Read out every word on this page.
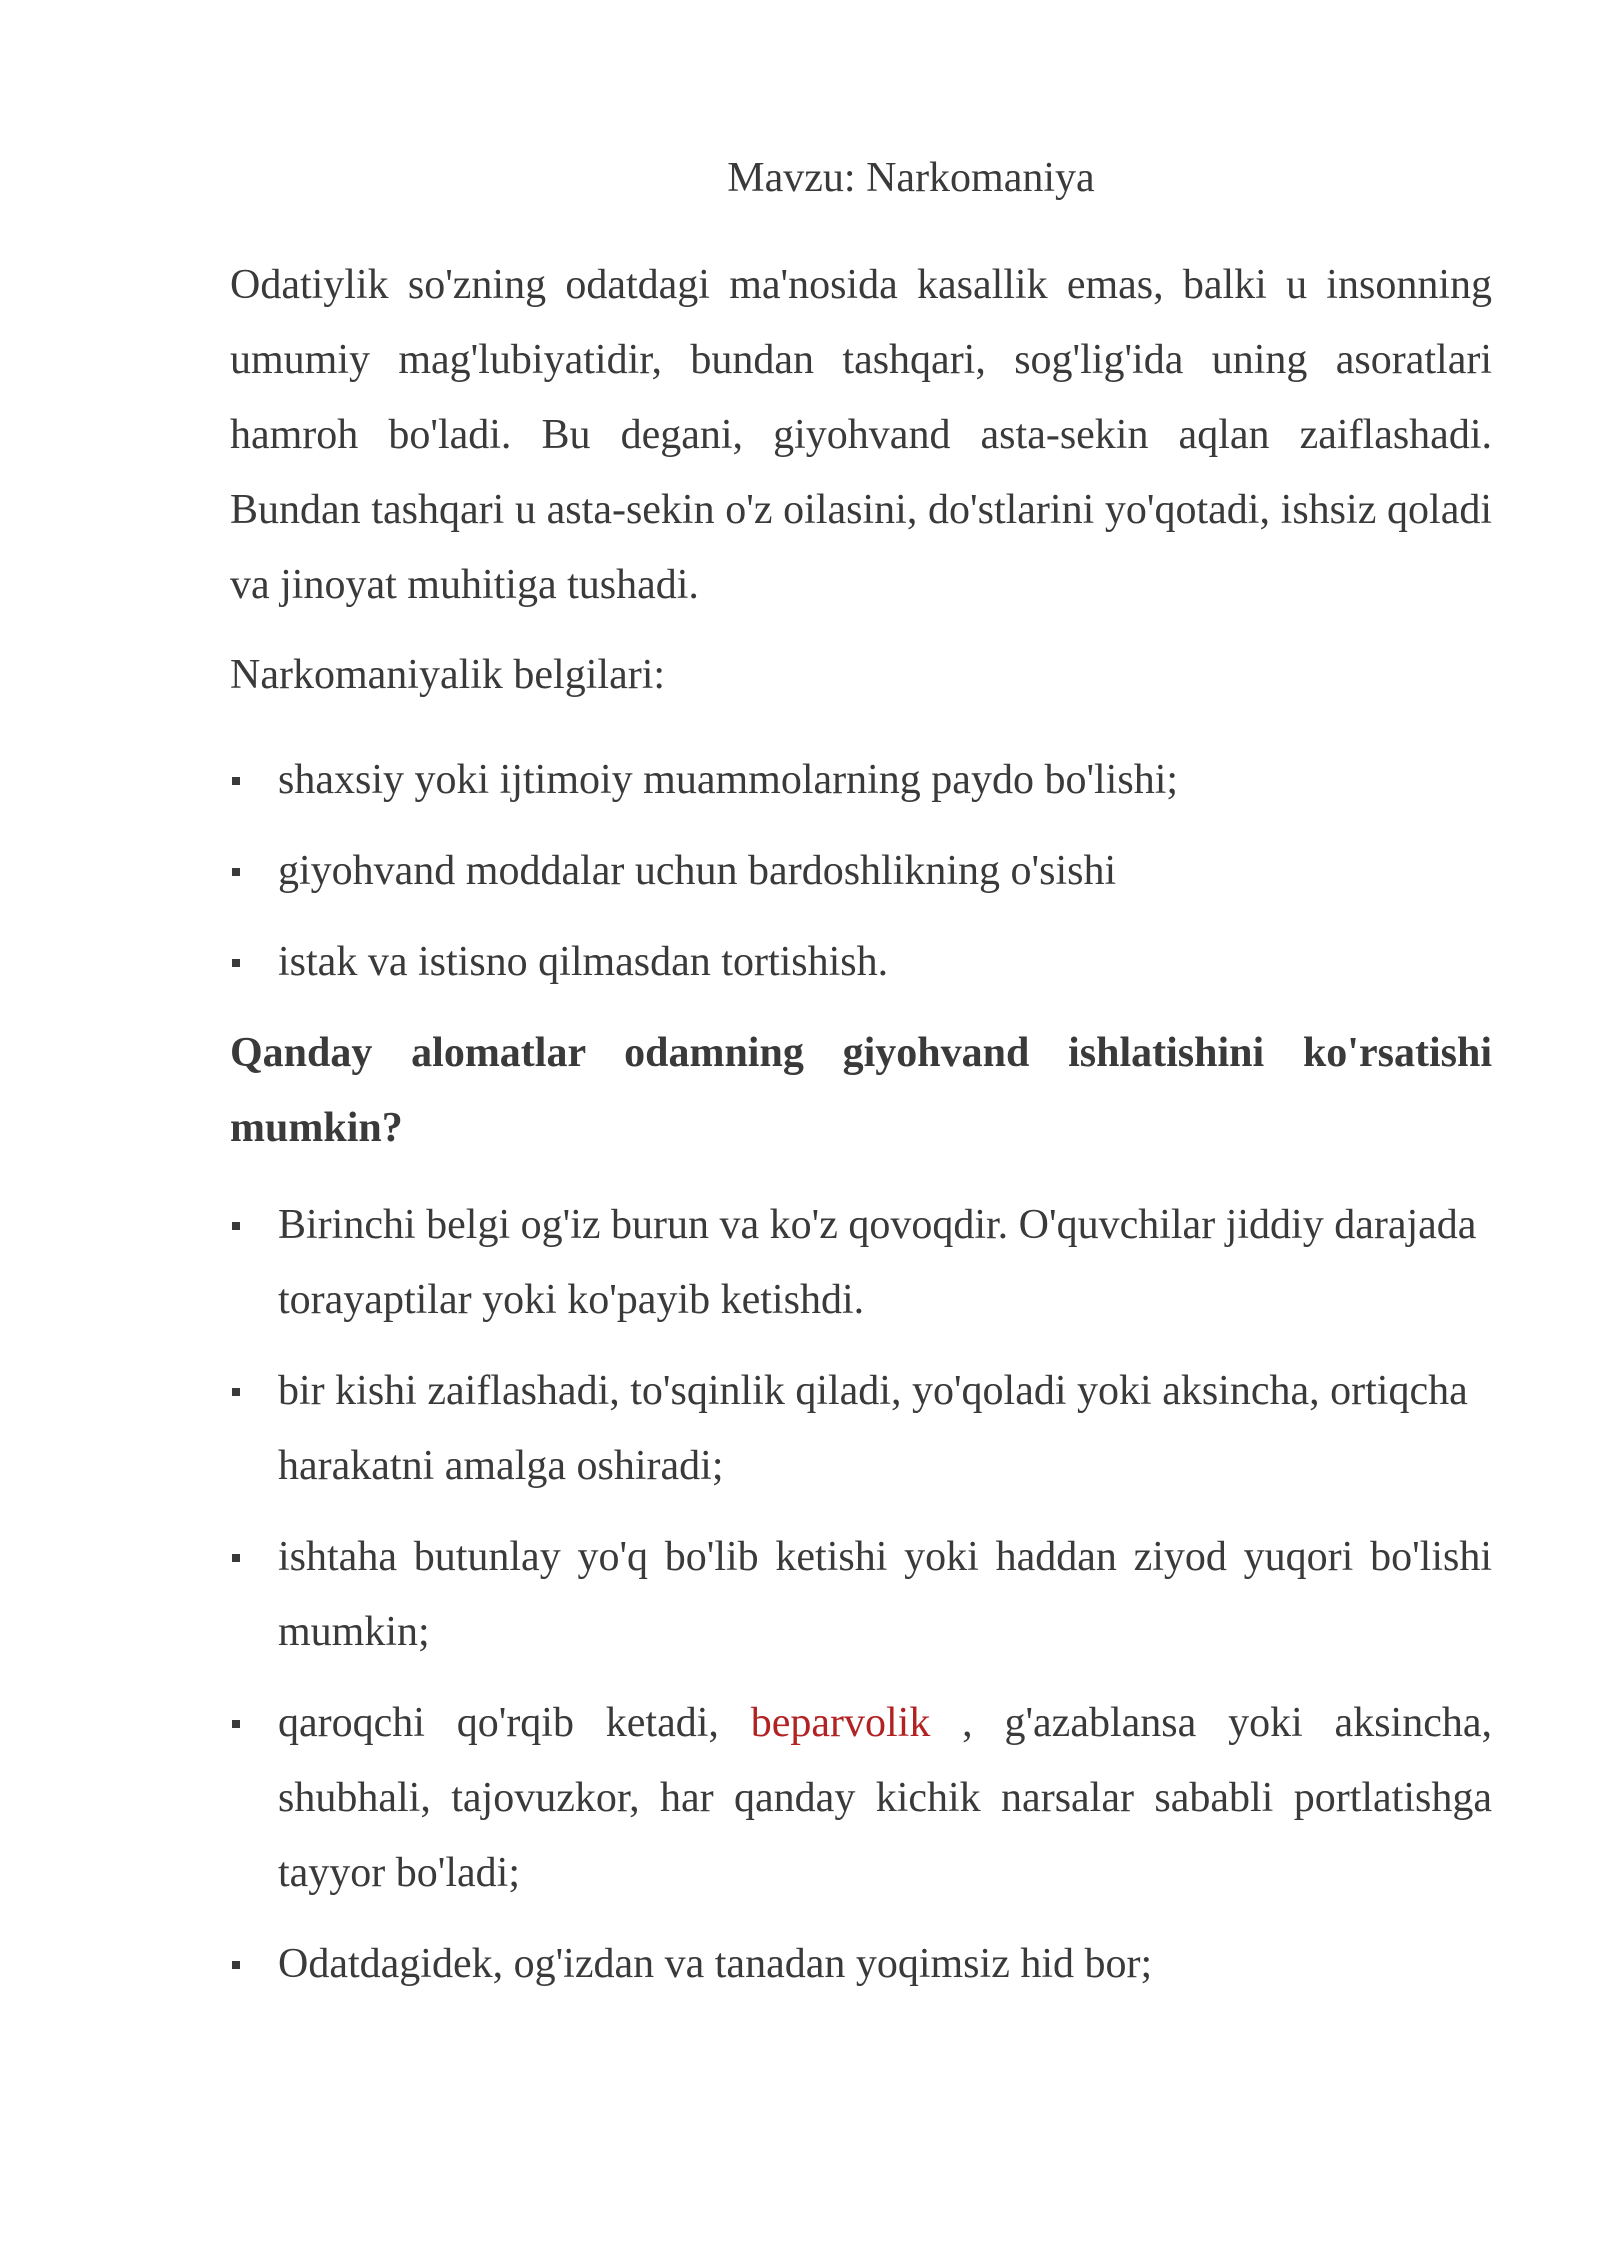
Mavzu: Narkomaniya

Odatiylik so'zning odatdagi ma'nosida kasallik emas, balki u insonning umumiy mag'lubiyatidir, bundan tashqari, sog'lig'ida uning asoratlari hamroh bo'ladi. Bu degani, giyohvand asta-sekin aqlan zaiflashadi. Bundan tashqari u asta-sekin o'z oilasini, do'stlarini yo'qotadi, ishsiz qoladi va jinoyat muhitiga tushadi.

Narkomaniyalik belgilari:

shaxsiy yoki ijtimoiy muammolarning paydo bo'lishi;
giyohvand moddalar uchun bardoshlikning o'sishi
istak va istisno qilmasdan tortishish.

Qanday alomatlar odamning giyohvand ishlatishini ko'rsatishi mumkin?

Birinchi belgi og'iz burun va ko'z qovoqdir. O'quvchilar jiddiy darajada torayaptilar yoki ko'payib ketishdi.
bir kishi zaiflashadi, to'sqinlik qiladi, yo'qoladi yoki aksincha, ortiqcha harakatni amalga oshiradi;
ishtaha butunlay yo'q bo'lib ketishi yoki haddan ziyod yuqori bo'lishi mumkin;
qaroqchi qo'rqib ketadi, beparvolik , g'azablansa yoki aksincha, shubhali, tajovuzkor, har qanday kichik narsalar sababli portlatishga tayyor bo'ladi;
Odatdagidek, og'izdan va tanadan yoqimsiz hid bor;
